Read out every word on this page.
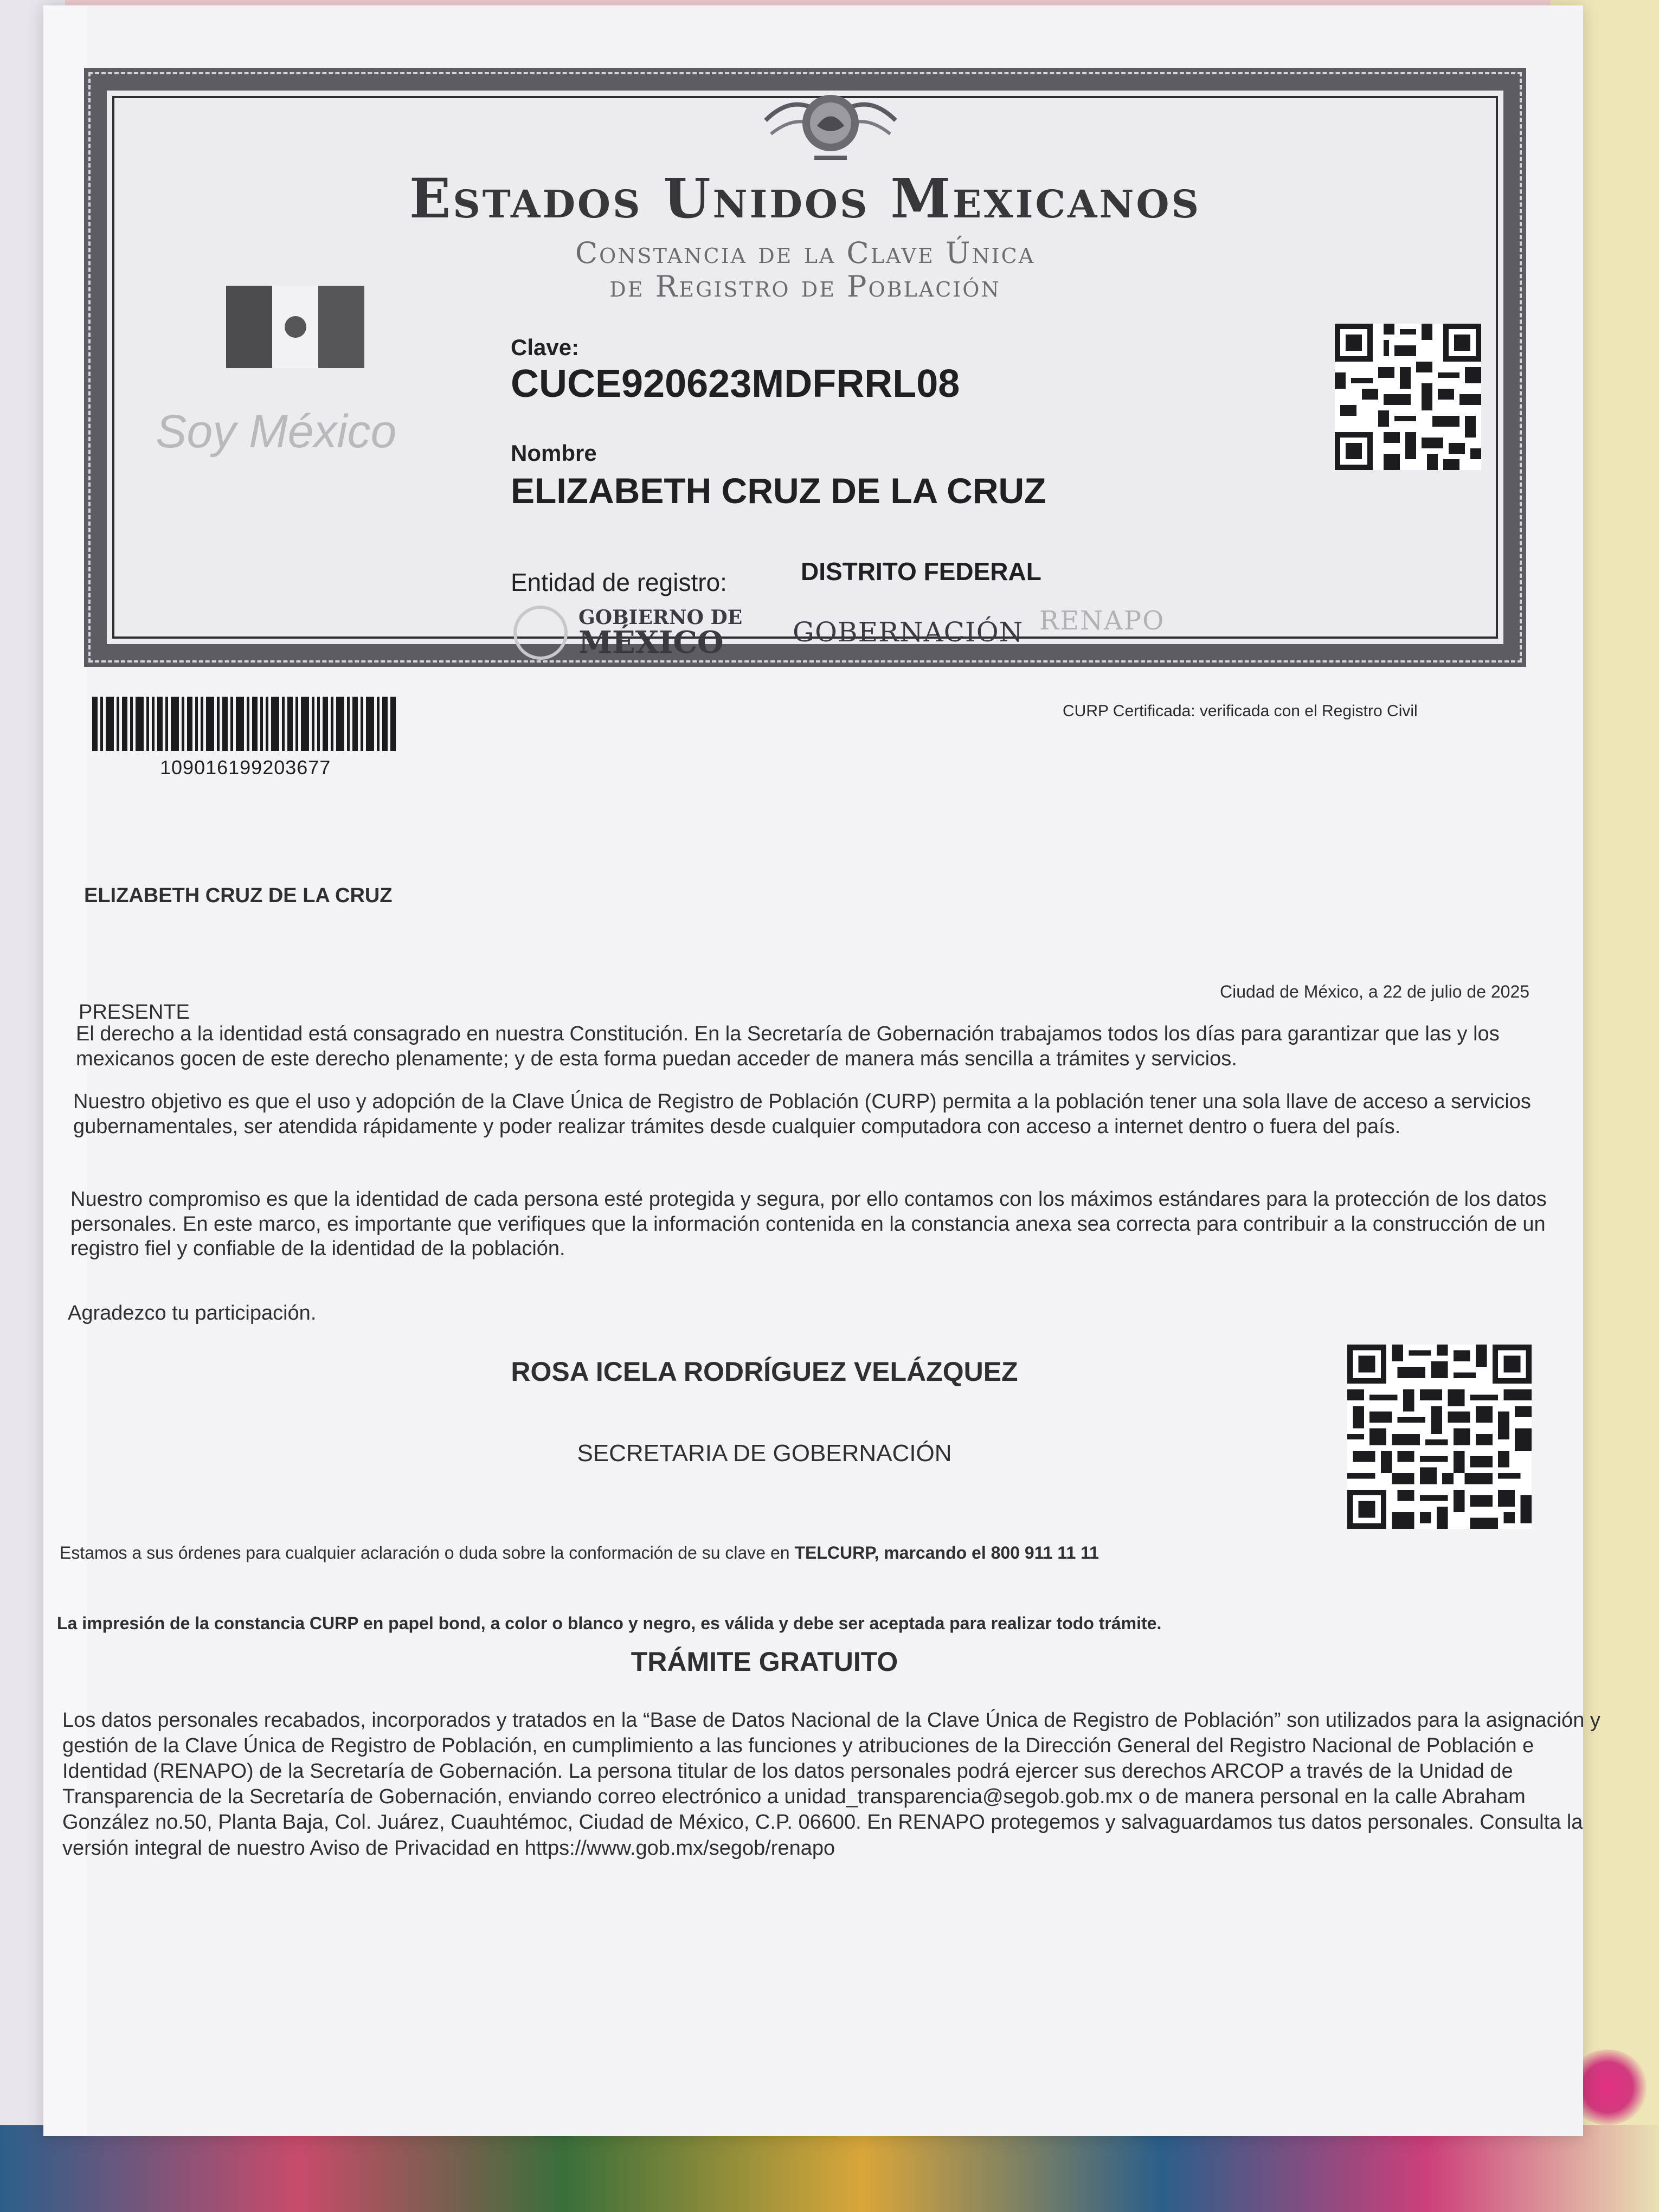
Estados Unidos Mexicanos
Constancia de la Clave Única
de Registro de Población
Soy México
Clave:
CUCE920623MDFRRL08
Nombre
ELIZABETH CRUZ DE LA CRUZ
Entidad de registro:	DISTRITO FEDERAL
GOBIERNO DE
MÉXICO	GOBERNACIÓN RENAPO
109016199203677
CURP Certificada: verificada con el Registro Civil
ELIZABETH CRUZ DE LA CRUZ
Ciudad de México, a 22 de julio de 2025
PRESENTE
El derecho a la identidad está consagrado en nuestra Constitución. En la Secretaría de Gobernación trabajamos todos los días para garantizar que las y los mexicanos gocen de este derecho plenamente; y de esta forma puedan acceder de manera más sencilla a trámites y servicios.
Nuestro objetivo es que el uso y adopción de la Clave Única de Registro de Población (CURP) permita a la población tener una sola llave de acceso a servicios gubernamentales, ser atendida rápidamente y poder realizar trámites desde cualquier computadora con acceso a internet dentro o fuera del país.
Nuestro compromiso es que la identidad de cada persona esté protegida y segura, por ello contamos con los máximos estándares para la protección de los datos personales. En este marco, es importante que verifiques que la información contenida en la constancia anexa sea correcta para contribuir a la construcción de un registro fiel y confiable de la identidad de la población.
Agradezco tu participación.
ROSA ICELA RODRÍGUEZ VELÁZQUEZ
SECRETARIA DE GOBERNACIÓN
Estamos a sus órdenes para cualquier aclaración o duda sobre la conformación de su clave en TELCURP, marcando el 800 911 11 11
La impresión de la constancia CURP en papel bond, a color o blanco y negro, es válida y debe ser aceptada para realizar todo trámite.
TRÁMITE GRATUITO
Los datos personales recabados, incorporados y tratados en la “Base de Datos Nacional de la Clave Única de Registro de Población” son utilizados para la asignación y gestión de la Clave Única de Registro de Población, en cumplimiento a las funciones y atribuciones de la Dirección General del Registro Nacional de Población e Identidad (RENAPO) de la Secretaría de Gobernación. La persona titular de los datos personales podrá ejercer sus derechos ARCOP a través de la Unidad de Transparencia de la Secretaría de Gobernación, enviando correo electrónico a unidad_transparencia@segob.gob.mx o de manera personal en la calle Abraham González no.50, Planta Baja, Col. Juárez, Cuauhtémoc, Ciudad de México, C.P. 06600. En RENAPO protegemos y salvaguardamos tus datos personales. Consulta la versión integral de nuestro Aviso de Privacidad en https://www.gob.mx/segob/renapo
